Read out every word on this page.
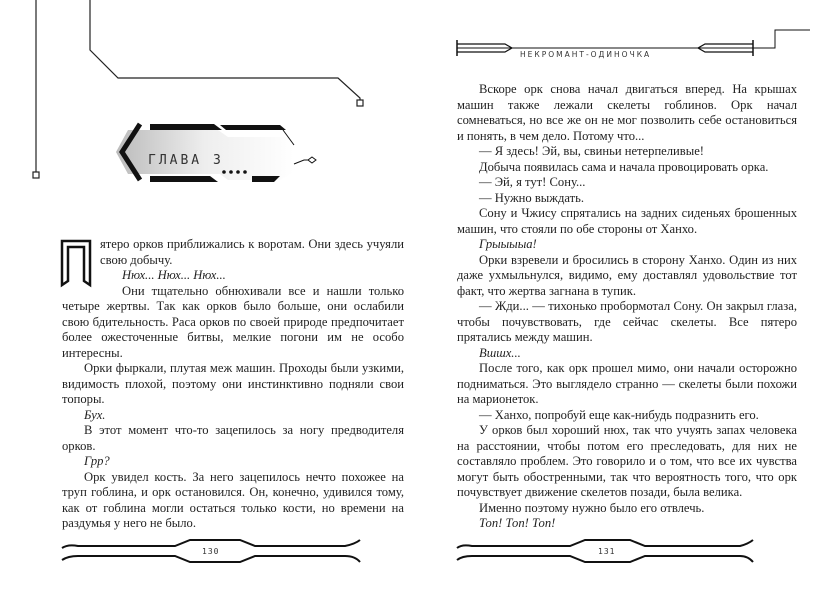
НЕКРОМАНТ-ОДИНОЧКА
ГЛАВА 3

ятеро орков приближались к воротам. Они здесь учуяли свою добычу.

Нюх... Нюх... Нюх...

Они тщательно обнюхивали все и нашли только четыре жертвы. Так как орков было больше, они ослабили свою бдительность. Раса орков по своей природе предпочитает более ожесточенные битвы, мелкие погони им не особо интересны.

Орки фыркали, плутая меж машин. Проходы были узкими, видимость плохой, поэтому они инстинктивно подняли свои топоры.

Бух.

В этот момент что-то зацепилось за ногу предводителя орков.

Грр?

Орк увидел кость. За него зацепилось нечто похожее на труп гоблина, и орк остановился. Он, конечно, удивился тому, как от гоблина могли остаться только кости, но времени на раздумья у него не было.

Вскоре орк снова начал двигаться вперед. На крышах машин также лежали скелеты гоблинов. Орк начал сомневаться, но все же он не мог позволить себе остановиться и понять, в чем дело. Потому что...

— Я здесь! Эй, вы, свиньи нетерпеливые!

Добыча появилась сама и начала провоцировать орка.

— Эй, я тут! Сону...

— Нужно выждать.

Сону и Чжису спрятались на задних сиденьях брошенных машин, что стояли по обе стороны от Ханхо.

Грыыыыа!

Орки взревели и бросились в сторону Ханхо. Один из них даже ухмыльнулся, видимо, ему доставлял удовольствие тот факт, что жертва загнана в тупик.

— Жди... — тихонько пробормотал Сону. Он закрыл глаза, чтобы почувствовать, где сейчас скелеты. Все пятеро прятались между машин.

Вшшх...

После того, как орк прошел мимо, они начали осторожно подниматься. Это выглядело странно — скелеты были похожи на марионеток.

— Ханхо, попробуй еще как-нибудь подразнить его.

У орков был хороший нюх, так что учуять запах человека на расстоянии, чтобы потом его преследовать, для них не составляло проблем. Это говорило и о том, что все их чувства могут быть обостренными, так что вероятность того, что орк почувствует движение скелетов позади, была велика.

Именно поэтому нужно было его отвлечь.

Топ! Топ! Топ!

130	131
